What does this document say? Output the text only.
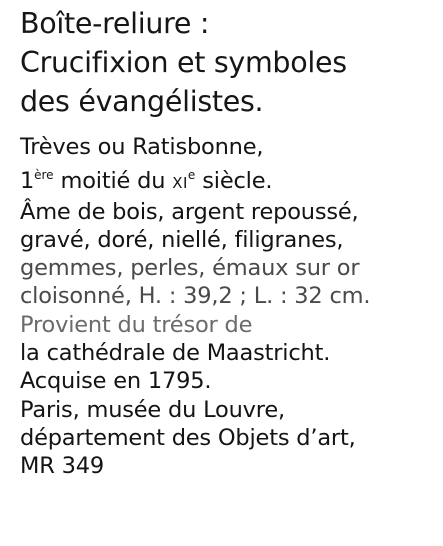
Boîte-reliure :
Crucifixion et symboles
des évangélistes.
Trèves ou Ratisbonne,
1ère moitié du XIe siècle.
Âme de bois, argent repoussé,
gravé, doré, niellé, filigranes,
gemmes, perles, émaux sur or
cloisonné, H. : 39,2 ; L. : 32 cm.
Provient du trésor de
la cathédrale de Maastricht.
Acquise en 1795.
Paris, musée du Louvre,
département des Objets d’art,
MR 349
